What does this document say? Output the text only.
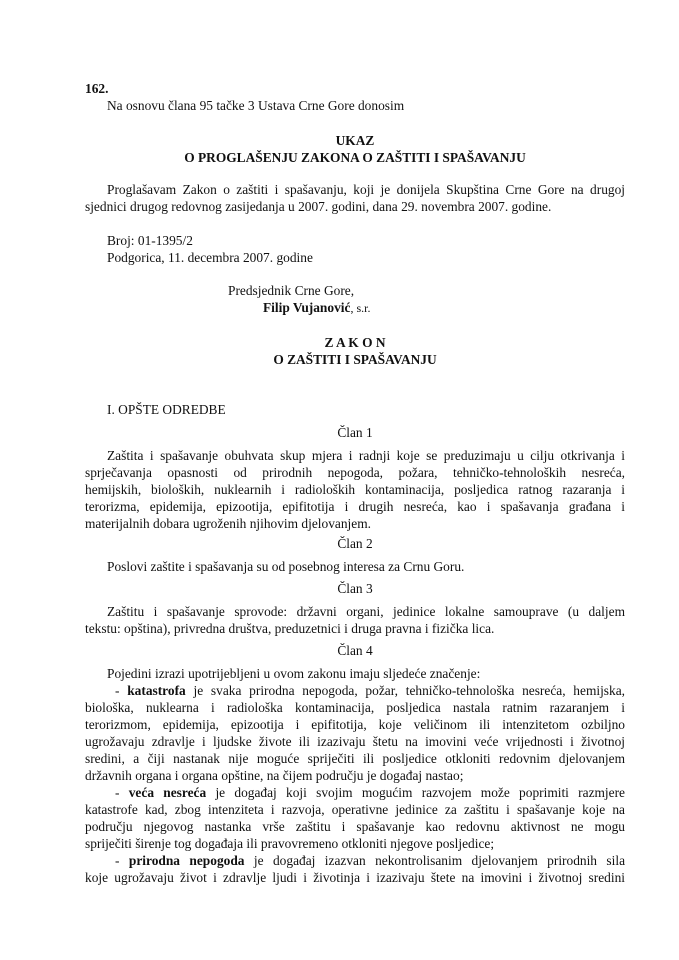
162.
Na osnovu člana 95 tačke 3 Ustava Crne Gore donosim
UKAZ
O PROGLAŠENJU ZAKONA O ZAŠTITI I SPAŠAVANJU
Proglašavam Zakon o zaštiti i spašavanju, koji je donijela Skupština Crne Gore na drugoj
sjednici drugog redovnog zasijedanja u 2007. godini, dana 29. novembra 2007. godine.
Broj: 01-1395/2
Podgorica, 11. decembra 2007. godine
Predsjednik Crne Gore,
Filip Vujanović, s.r.
Z A K O N
O ZAŠTITI I SPAŠAVANJU
I. OPŠTE ODREDBE
Član 1
Zaštita i spašavanje obuhvata skup mjera i radnji koje se preduzimaju u cilju otkrivanja i
sprječavanja opasnosti od prirodnih nepogoda, požara, tehničko-tehnoloških nesreća,
hemijskih, bioloških, nuklearnih i radioloških kontaminacija, posljedica ratnog razaranja i
terorizma, epidemija, epizootija, epifitotija i drugih nesreća, kao i spašavanja građana i
materijalnih dobara ugroženih njihovim djelovanjem.
Član 2
Poslovi zaštite i spašavanja su od posebnog interesa za Crnu Goru.
Član 3
Zaštitu i spašavanje sprovode: državni organi, jedinice lokalne samouprave (u daljem
tekstu: opština), privredna društva, preduzetnici i druga pravna i fizička lica.
Član 4
Pojedini izrazi upotrijebljeni u ovom zakonu imaju sljedeće značenje:
- katastrofa je svaka prirodna nepogoda, požar, tehničko-tehnološka nesreća, hemijska,
biološka, nuklearna i radiološka kontaminacija, posljedica nastala ratnim razaranjem i
terorizmom, epidemija, epizootija i epifitotija, koje veličinom ili intenzitetom ozbiljno
ugrožavaju zdravlje i ljudske živote ili izazivaju štetu na imovini veće vrijednosti i životnoj
sredini, a čiji nastanak nije moguće spriječiti ili posljedice otkloniti redovnim djelovanjem
državnih organa i organa opštine, na čijem području je događaj nastao;
- veća nesreća je događaj koji svojim mogućim razvojem može poprimiti razmjere
katastrofe kad, zbog intenziteta i razvoja, operativne jedinice za zaštitu i spašavanje koje na
području njegovog nastanka vrše zaštitu i spašavanje kao redovnu aktivnost ne mogu
spriječiti širenje tog događaja ili pravovremeno otkloniti njegove posljedice;
- prirodna nepogoda je događaj izazvan nekontrolisanim djelovanjem prirodnih sila
koje ugrožavaju život i zdravlje ljudi i životinja i izazivaju štete na imovini i životnoj sredini
